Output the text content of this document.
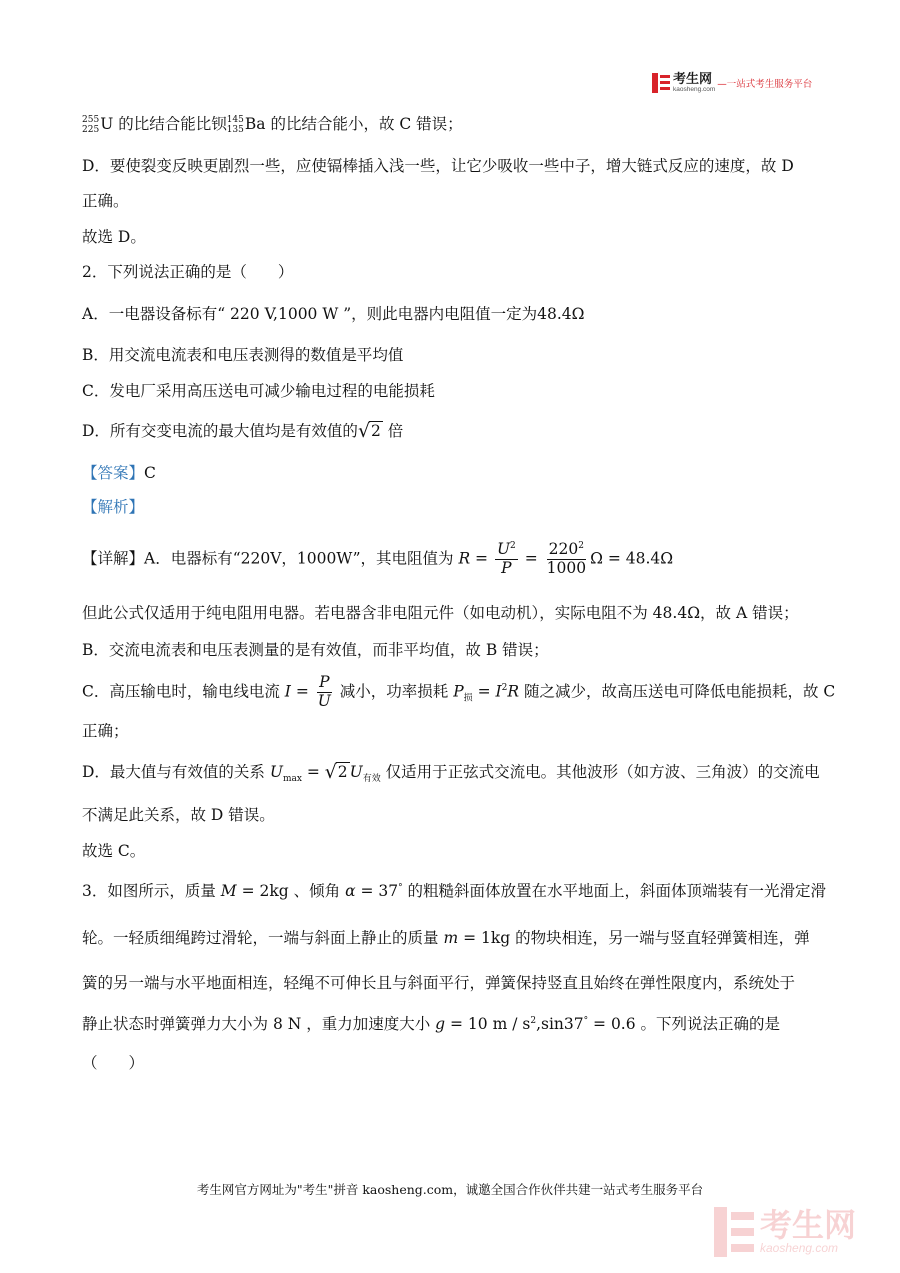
考生网
kaosheng.com —一站式考生服务平台
255
225 U 的比结合能比钡 145
135 Ba 的比结合能小，故 C 错误；
D．要使裂变反映更剧烈一些，应使镉棒插入浅一些，让它少吸收一些中子，增大链式反应的速度，故 D
正确。
故选 D。
2．下列说法正确的是（　　）
A．一电器设备标有“ 220 V,1000 W ”，则此电器内电阻值一定为48.4Ω
B．用交流电流表和电压表测得的数值是平均值
C．发电厂采用高压送电可减少输电过程的电能损耗
D．所有交变电流的最大值均是有效值的 √ 2 倍
【答案】C
【解析】
【详解】A．电器标有“220V，1000W”，其电阻值为 $R = \frac{U^2}{P} = \frac{220^2}{1000}$ Ω = 48.4Ω
但此公式仅适用于纯电阻用电器。若电器含非电阻元件（如电动机），实际电阻不为 48.4Ω，故 A 错误；
B．交流电流表和电压表测量的是有效值，而非平均值，故 B 错误；
C．高压输电时，输电线电流 $I = \frac{P}{U}$ 减小，功率损耗 $P_损 = I^2R$ 随之减少，故高压送电可降低电能损耗，故 C
正确；
D．最大值与有效值的关系 $U_{max}$ = √ 2 $U_{有效}$ 仅适用于正弦式交流电。其他波形（如方波、三角波）的交流电
不满足此关系，故 D 错误。
故选 C。
3．如图所示，质量 M = 2kg 、倾角 α = 37° 的粗糙斜面体放置在水平地面上，斜面体顶端装有一光滑定滑
轮。一轻质细绳跨过滑轮，一端与斜面上静止的质量 m = 1kg 的物块相连，另一端与竖直轻弹簧相连，弹
簧的另一端与水平地面相连，轻绳不可伸长且与斜面平行，弹簧保持竖直且始终在弹性限度内，系统处于
静止状态时弹簧弹力大小为 8 N ，重力加速度大小 g = 10 $m / s^2,\sin 37^\circ = 0.6$ 。下列说法正确的是
（　　）
考生网官方网址为"考生"拼音 kaosheng.com，诚邀全国合作伙伴共建一站式考生服务平台
考生网
kaosheng.com
